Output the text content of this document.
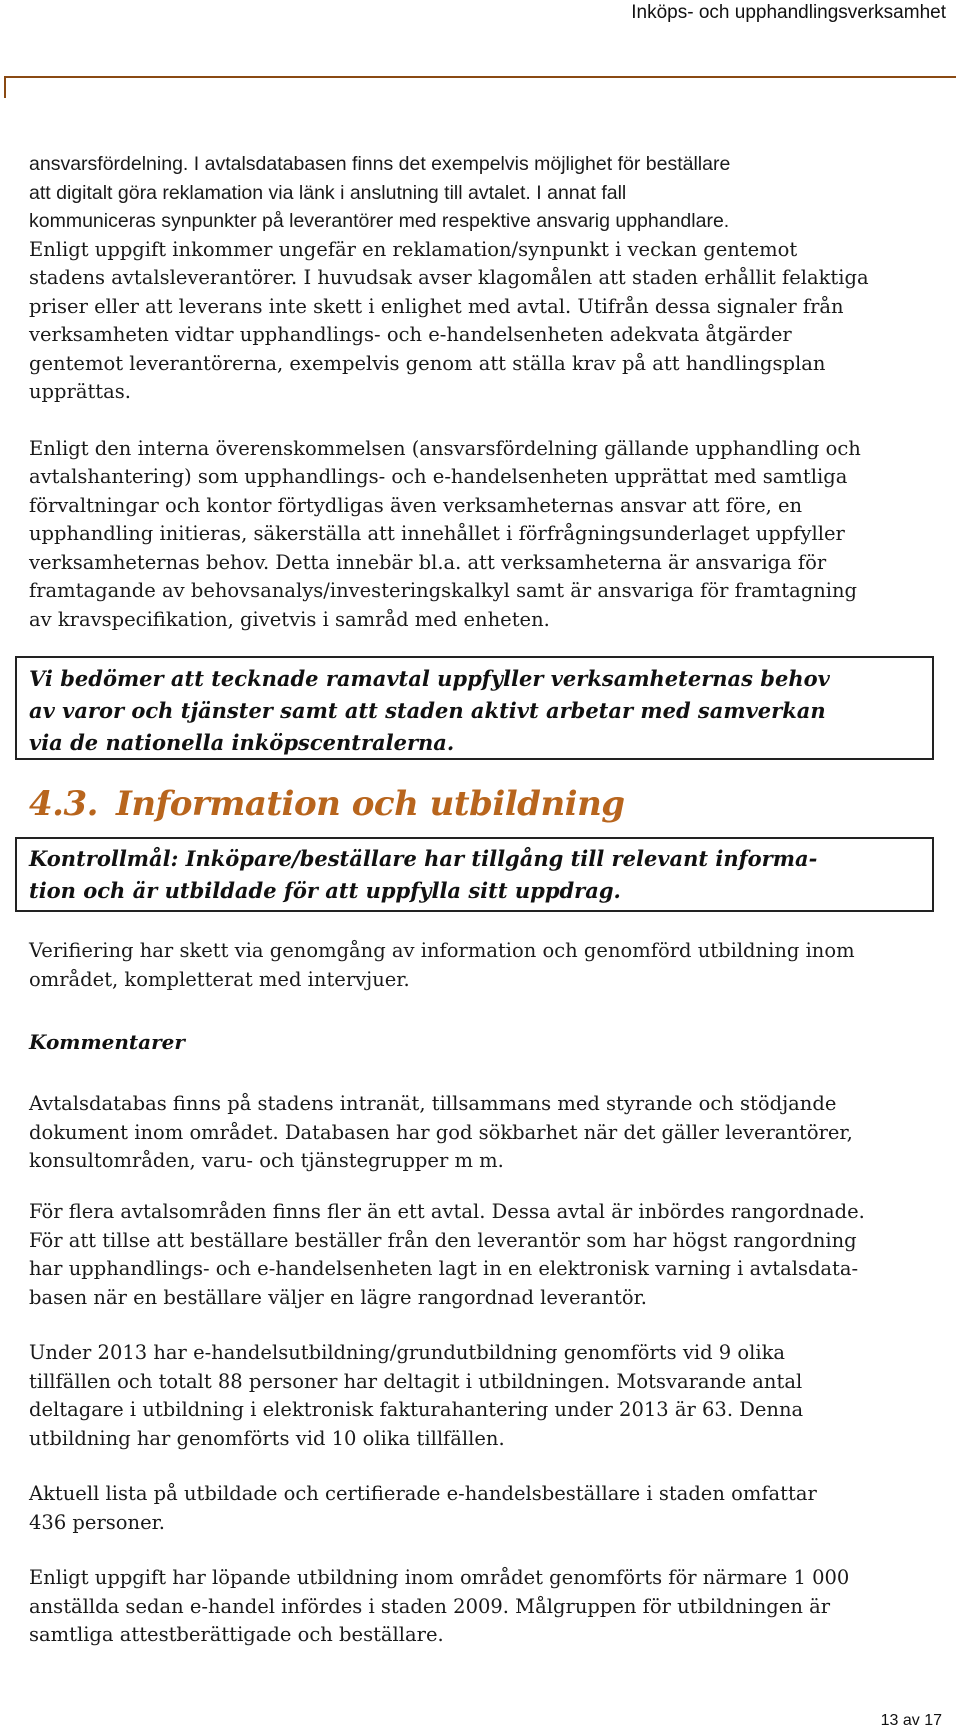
Inköps- och upphandlingsverksamhet

ansvarsfördelning. I avtalsdatabasen finns det exempelvis möjlighet för beställare

att digitalt göra reklamation via länk i anslutning till avtalet. I annat fall

kommuniceras synpunkter på leverantörer med respektive ansvarig upphandlare.

Enligt uppgift inkommer ungefär en reklamation/synpunkt i veckan gentemot

stadens avtalsleverantörer. I huvudsak avser klagomålen att staden erhållit felaktiga

priser eller att leverans inte skett i enlighet med avtal. Utifrån dessa signaler från

verksamheten vidtar upphandlings- och e-handelsenheten adekvata åtgärder

gentemot leverantörerna, exempelvis genom att ställa krav på att handlingsplan

upprättas.

Enligt den interna överenskommelsen (ansvarsfördelning gällande upphandling och

avtalshantering) som upphandlings- och e-handelsenheten upprättat med samtliga

förvaltningar och kontor förtydligas även verksamheternas ansvar att före, en

upphandling initieras, säkerställa att innehållet i förfrågningsunderlaget uppfyller

verksamheternas behov. Detta innebär bl.a. att verksamheterna är ansvariga för

framtagande av behovsanalys/investeringskalkyl samt är ansvariga för framtagning

av kravspecifikation, givetvis i samråd med enheten.

Vi bedömer att tecknade ramavtal uppfyller verksamheternas behov

av varor och tjänster samt att staden aktivt arbetar med samverkan

via de nationella inköpscentralerna.

4.3. Information och utbildning

Kontrollmål: Inköpare/beställare har tillgång till relevant informa-

tion och är utbildade för att uppfylla sitt uppdrag.

Verifiering har skett via genomgång av information och genomförd utbildning inom

området, kompletterat med intervjuer.

Kommentarer

Avtalsdatabas finns på stadens intranät, tillsammans med styrande och stödjande

dokument inom området. Databasen har god sökbarhet när det gäller leverantörer,

konsultområden, varu- och tjänstegrupper m m.

För flera avtalsområden finns fler än ett avtal. Dessa avtal är inbördes rangordnade.

För att tillse att beställare beställer från den leverantör som har högst rangordning

har upphandlings- och e-handelsenheten lagt in en elektronisk varning i avtalsdata-

basen när en beställare väljer en lägre rangordnad leverantör.

Under 2013 har e-handelsutbildning/grundutbildning genomförts vid 9 olika

tillfällen och totalt 88 personer har deltagit i utbildningen. Motsvarande antal

deltagare i utbildning i elektronisk fakturahantering under 2013 är 63. Denna

utbildning har genomförts vid 10 olika tillfällen.

Aktuell lista på utbildade och certifierade e-handelsbeställare i staden omfattar

436 personer.

Enligt uppgift har löpande utbildning inom området genomförts för närmare 1 000

anställda sedan e-handel infördes i staden 2009. Målgruppen för utbildningen är

samtliga attestberättigade och beställare.

13 av 17
